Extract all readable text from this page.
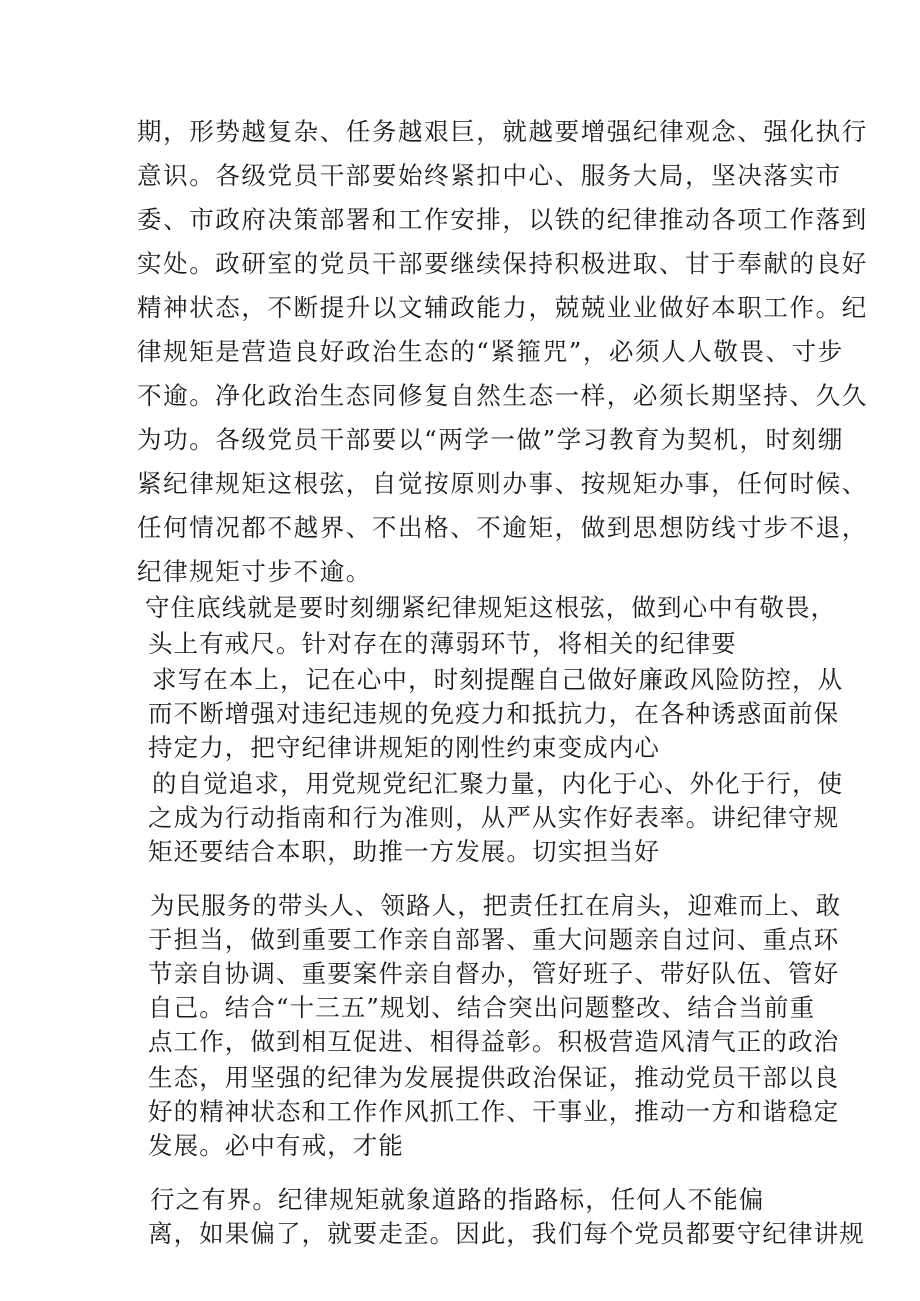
期，形势越复杂、任务越艰巨，就越要增强纪律观念、强化执行
意识。各级党员干部要始终紧扣中心、服务大局，坚决落实市
委、市政府决策部署和工作安排，以铁的纪律推动各项工作落到
实处。政研室的党员干部要继续保持积极进取、甘于奉献的良好
精神状态，不断提升以文辅政能力，兢兢业业做好本职工作。纪
律规矩是营造良好政治生态的“紧箍咒”，必须人人敬畏、寸步
不逾。净化政治生态同修复自然生态一样，必须长期坚持、久久
为功。各级党员干部要以“两学一做”学习教育为契机，时刻绷
紧纪律规矩这根弦，自觉按原则办事、按规矩办事，任何时候、
任何情况都不越界、不出格、不逾矩，做到思想防线寸步不退，
纪律规矩寸步不逾。
守住底线就是要时刻绷紧纪律规矩这根弦，做到心中有敬畏，
头上有戒尺。针对存在的薄弱环节，将相关的纪律要
求写在本上，记在心中，时刻提醒自己做好廉政风险防控，从
而不断增强对违纪违规的免疫力和抵抗力，在各种诱惑面前保
持定力，把守纪律讲规矩的刚性约束变成内心
的自觉追求，用党规党纪汇聚力量，内化于心、外化于行，使
之成为行动指南和行为准则，从严从实作好表率。讲纪律守规
矩还要结合本职，助推一方发展。切实担当好
为民服务的带头人、领路人，把责任扛在肩头，迎难而上、敢
于担当，做到重要工作亲自部署、重大问题亲自过问、重点环
节亲自协调、重要案件亲自督办，管好班子、带好队伍、管好
自己。结合“十三五”规划、结合突出问题整改、结合当前重
点工作，做到相互促进、相得益彰。积极营造风清气正的政治
生态，用坚强的纪律为发展提供政治保证，推动党员干部以良
好的精神状态和工作作风抓工作、干事业，推动一方和谐稳定
发展。必中有戒，才能
行之有界。纪律规矩就象道路的指路标，任何人不能偏
离，如果偏了，就要走歪。因此，我们每个党员都要守纪律讲规
